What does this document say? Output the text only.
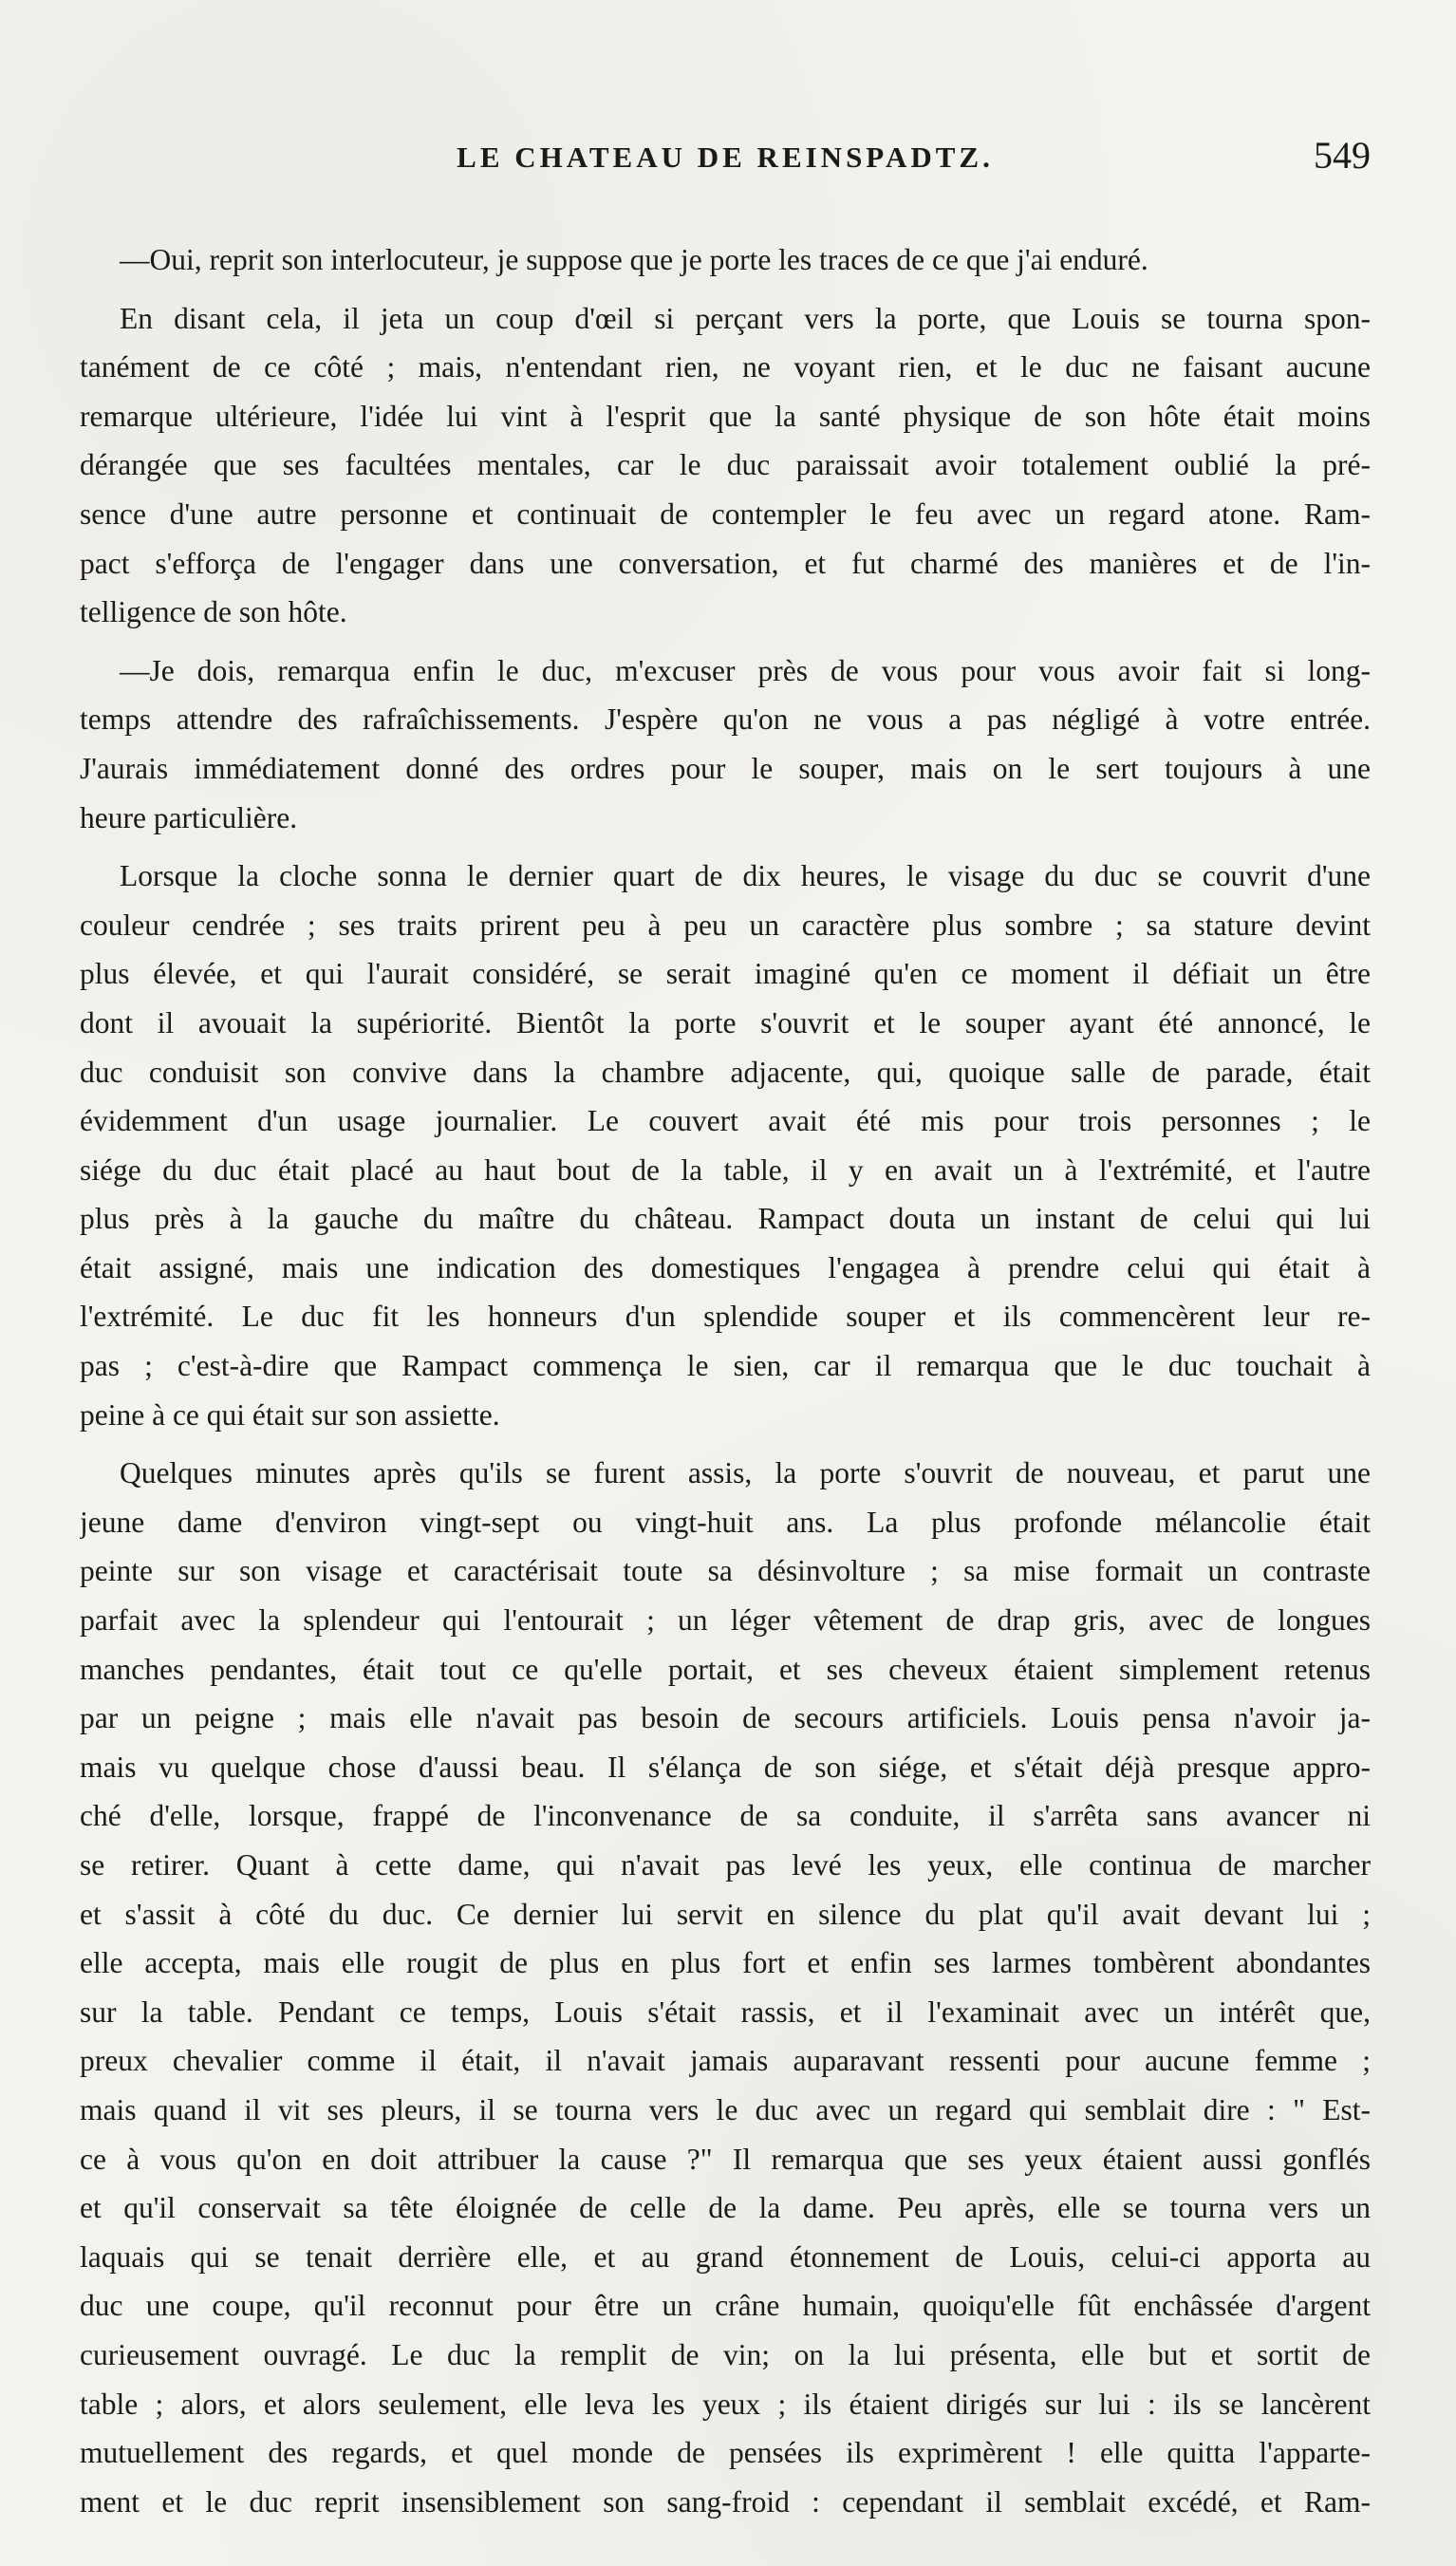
LE CHATEAU DE REINSPADTZ.	549
—Oui, reprit son interlocuteur, je suppose que je porte les traces de ce que j'ai enduré.
En disant cela, il jeta un coup d'œil si perçant vers la porte, que Louis se tourna spon-
tanément de ce côté ; mais, n'entendant rien, ne voyant rien, et le duc ne faisant aucune
remarque ultérieure, l'idée lui vint à l'esprit que la santé physique de son hôte était moins
dérangée que ses facultées mentales, car le duc paraissait avoir totalement oublié la pré-
sence d'une autre personne et continuait de contempler le feu avec un regard atone. Ram-
pact s'efforça de l'engager dans une conversation, et fut charmé des manières et de l'in-
telligence de son hôte.
—Je dois, remarqua enfin le duc, m'excuser près de vous pour vous avoir fait si long-
temps attendre des rafraîchissements. J'espère qu'on ne vous a pas négligé à votre entrée.
J'aurais immédiatement donné des ordres pour le souper, mais on le sert toujours à une
heure particulière.
Lorsque la cloche sonna le dernier quart de dix heures, le visage du duc se couvrit d'une
couleur cendrée ; ses traits prirent peu à peu un caractère plus sombre ; sa stature devint
plus élevée, et qui l'aurait considéré, se serait imaginé qu'en ce moment il défiait un être
dont il avouait la supériorité. Bientôt la porte s'ouvrit et le souper ayant été annoncé, le
duc conduisit son convive dans la chambre adjacente, qui, quoique salle de parade, était
évidemment d'un usage journalier. Le couvert avait été mis pour trois personnes ; le
siége du duc était placé au haut bout de la table, il y en avait un à l'extrémité, et l'autre
plus près à la gauche du maître du château. Rampact douta un instant de celui qui lui
était assigné, mais une indication des domestiques l'engagea à prendre celui qui était à
l'extrémité. Le duc fit les honneurs d'un splendide souper et ils commencèrent leur re-
pas ; c'est-à-dire que Rampact commença le sien, car il remarqua que le duc touchait à
peine à ce qui était sur son assiette.
Quelques minutes après qu'ils se furent assis, la porte s'ouvrit de nouveau, et parut une
jeune dame d'environ vingt-sept ou vingt-huit ans. La plus profonde mélancolie était
peinte sur son visage et caractérisait toute sa désinvolture ; sa mise formait un contraste
parfait avec la splendeur qui l'entourait ; un léger vêtement de drap gris, avec de longues
manches pendantes, était tout ce qu'elle portait, et ses cheveux étaient simplement retenus
par un peigne ; mais elle n'avait pas besoin de secours artificiels. Louis pensa n'avoir ja-
mais vu quelque chose d'aussi beau. Il s'élança de son siége, et s'était déjà presque appro-
ché d'elle, lorsque, frappé de l'inconvenance de sa conduite, il s'arrêta sans avancer ni
se retirer. Quant à cette dame, qui n'avait pas levé les yeux, elle continua de marcher
et s'assit à côté du duc. Ce dernier lui servit en silence du plat qu'il avait devant lui ;
elle accepta, mais elle rougit de plus en plus fort et enfin ses larmes tombèrent abondantes
sur la table. Pendant ce temps, Louis s'était rassis, et il l'examinait avec un intérêt que,
preux chevalier comme il était, il n'avait jamais auparavant ressenti pour aucune femme ;
mais quand il vit ses pleurs, il se tourna vers le duc avec un regard qui semblait dire : " Est-
ce à vous qu'on en doit attribuer la cause ?" Il remarqua que ses yeux étaient aussi gonflés
et qu'il conservait sa tête éloignée de celle de la dame. Peu après, elle se tourna vers un
laquais qui se tenait derrière elle, et au grand étonnement de Louis, celui-ci apporta au
duc une coupe, qu'il reconnut pour être un crâne humain, quoiqu'elle fût enchâssée d'argent
curieusement ouvragé. Le duc la remplit de vin; on la lui présenta, elle but et sortit de
table ; alors, et alors seulement, elle leva les yeux ; ils étaient dirigés sur lui : ils se lancèrent
mutuellement des regards, et quel monde de pensées ils exprimèrent ! elle quitta l'apparte-
ment et le duc reprit insensiblement son sang-froid : cependant il semblait excédé, et Ram-
